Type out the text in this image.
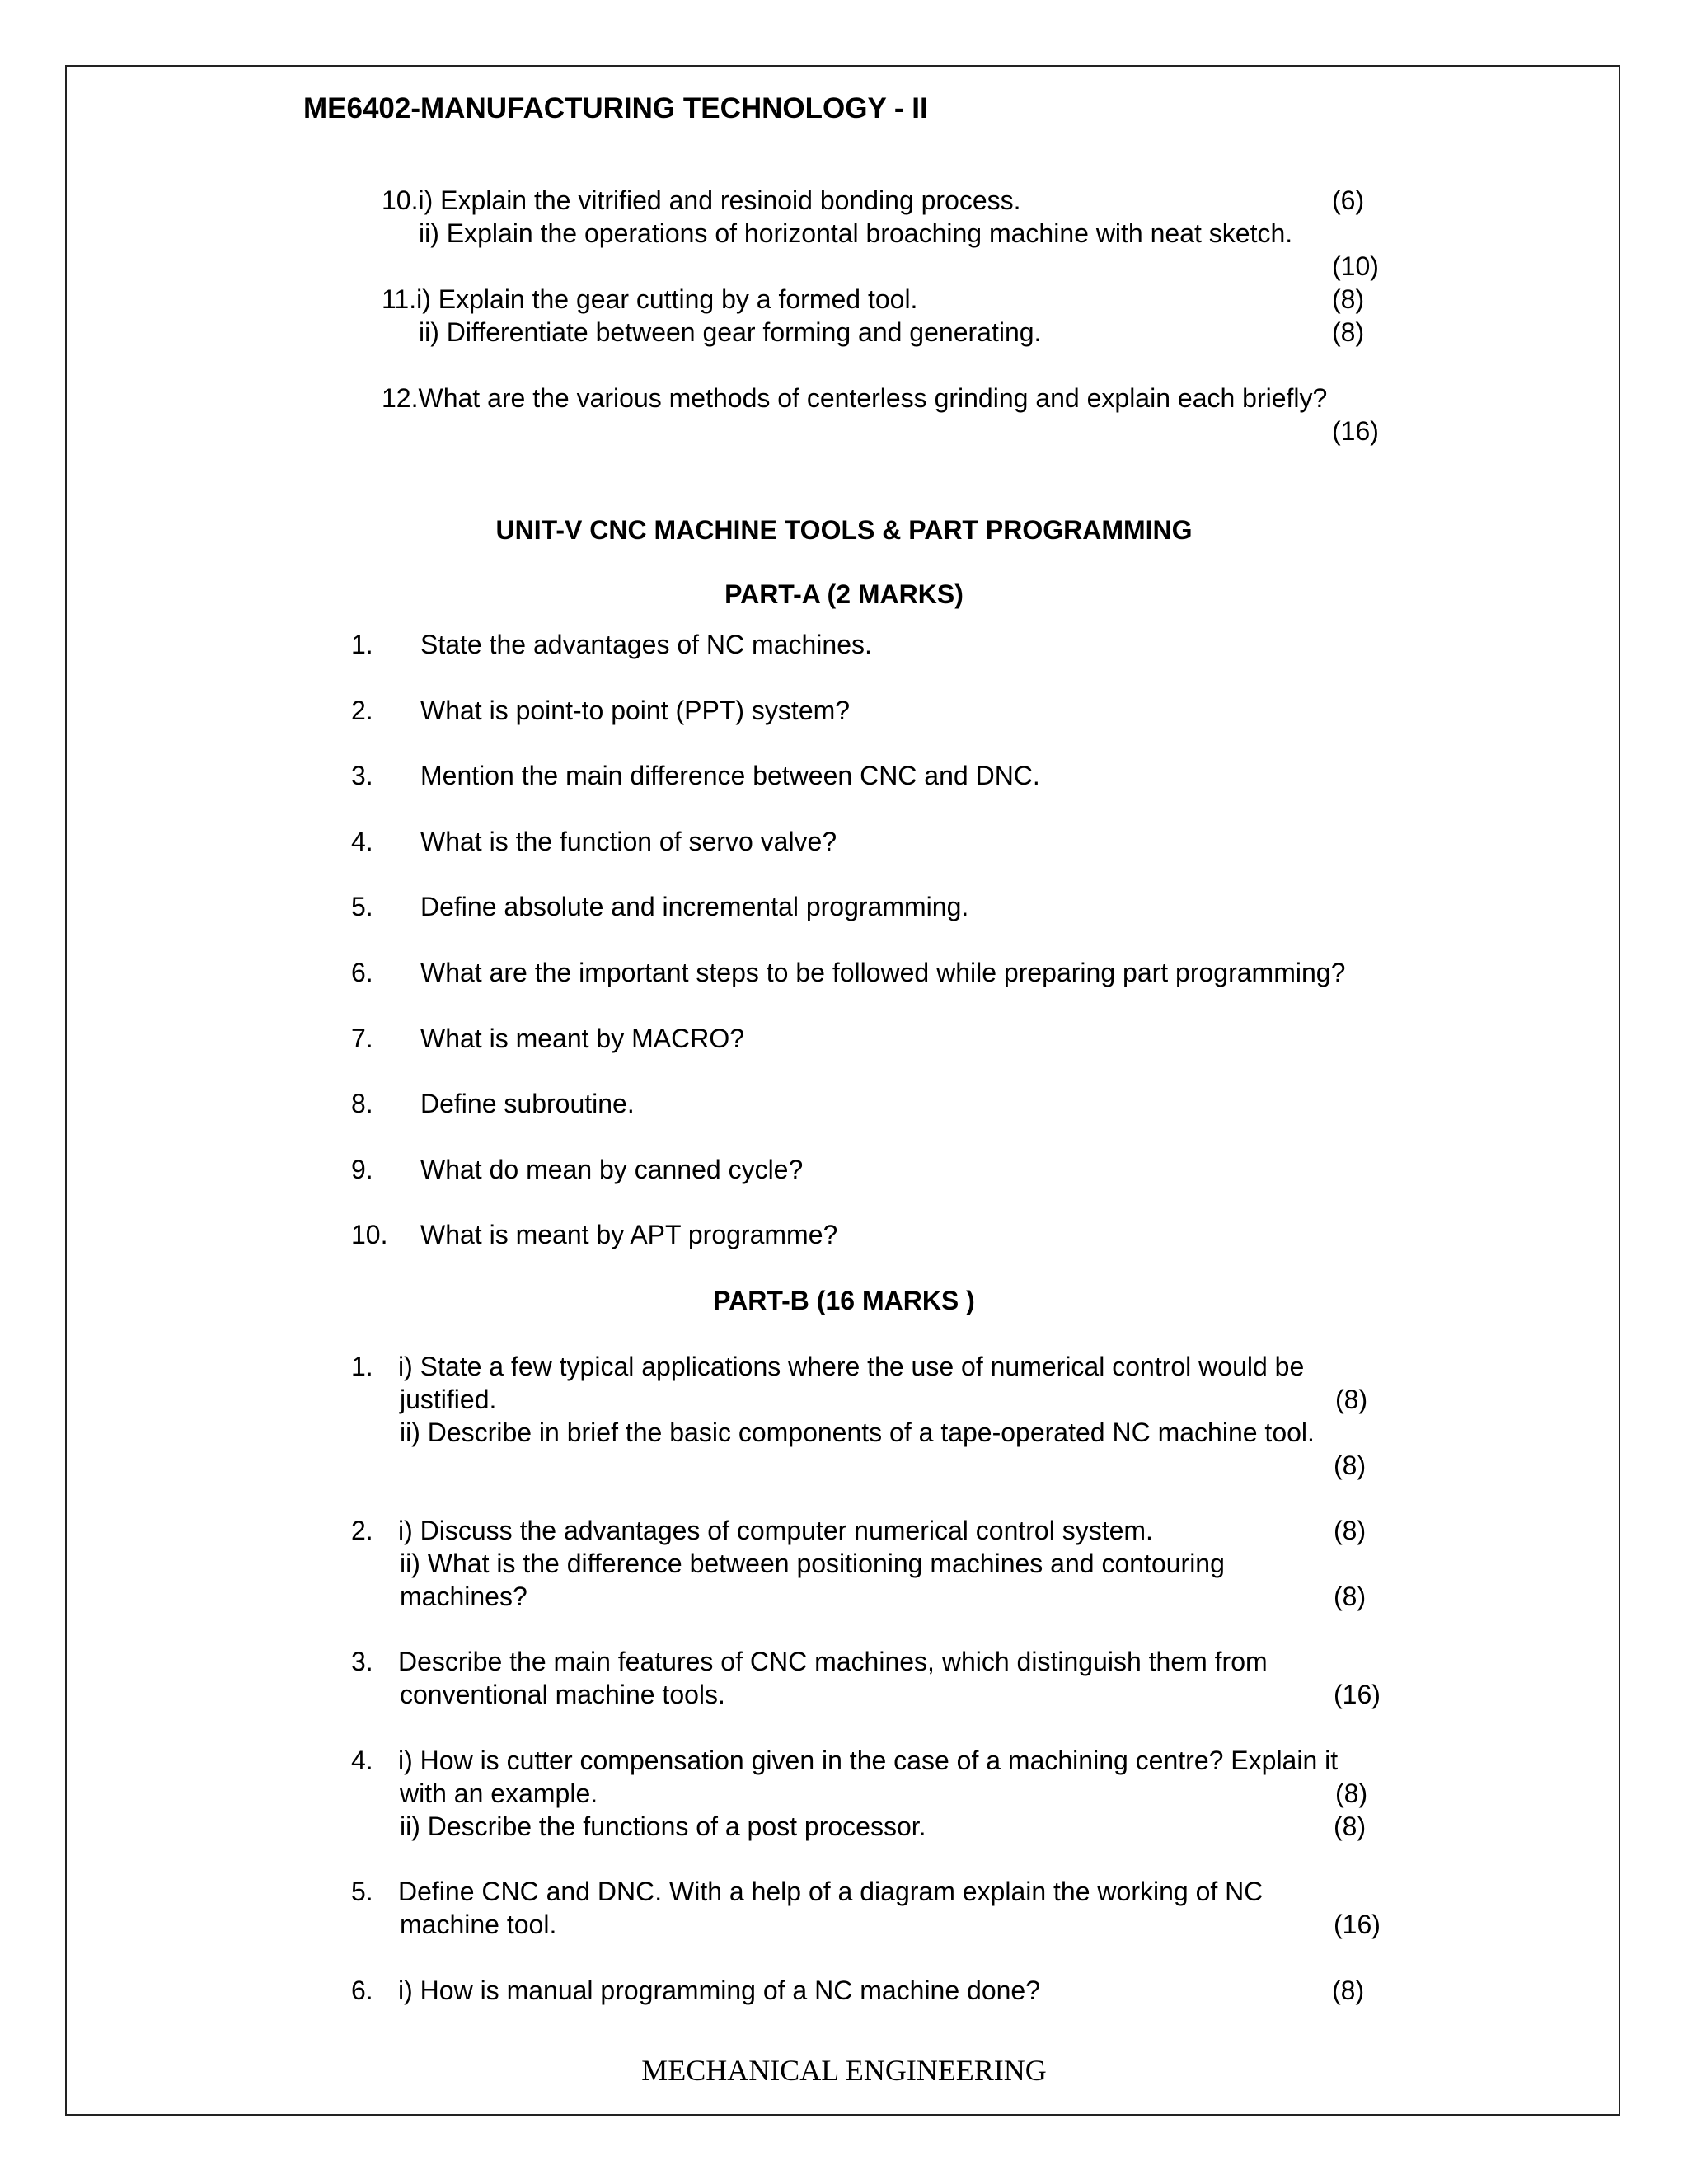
ME6402-MANUFACTURING TECHNOLOGY - II
10.i) Explain the vitrified and resinoid bonding process.	(6)
ii) Explain the operations of horizontal broaching machine with neat sketch.
(10)
11.i) Explain the gear cutting by a formed tool.	(8)
ii) Differentiate between gear forming and generating.	(8)
12.What are the various methods of centerless grinding and explain each briefly?
(16)
UNIT-V CNC MACHINE TOOLS & PART PROGRAMMING
PART-A (2 MARKS)
1. State the advantages of NC machines.
2. What is point-to point (PPT) system?
3. Mention the main difference between CNC and DNC.
4. What is the function of servo valve?
5. Define absolute and incremental programming.
6. What are the important steps to be followed while preparing part programming?
7. What is meant by MACRO?
8. Define subroutine.
9. What do mean by canned cycle?
10. What is meant by APT programme?
PART-B (16 MARKS )
1. i) State a few typical applications where the use of numerical control would be
justified.	(8)
ii) Describe in brief the basic components of a tape-operated NC machine tool.
(8)
2. i) Discuss the advantages of computer numerical control system.	(8)
ii) What is the difference between positioning machines and contouring
machines?	(8)
3. Describe the main features of CNC machines, which distinguish them from
conventional machine tools.	(16)
4. i) How is cutter compensation given in the case of a machining centre? Explain it
with an example.	(8)
ii) Describe the functions of a post processor.	(8)
5. Define CNC and DNC. With a help of a diagram explain the working of NC
machine tool.	(16)
6. i) How is manual programming of a NC machine done?	(8)
MECHANICAL ENGINEERING
